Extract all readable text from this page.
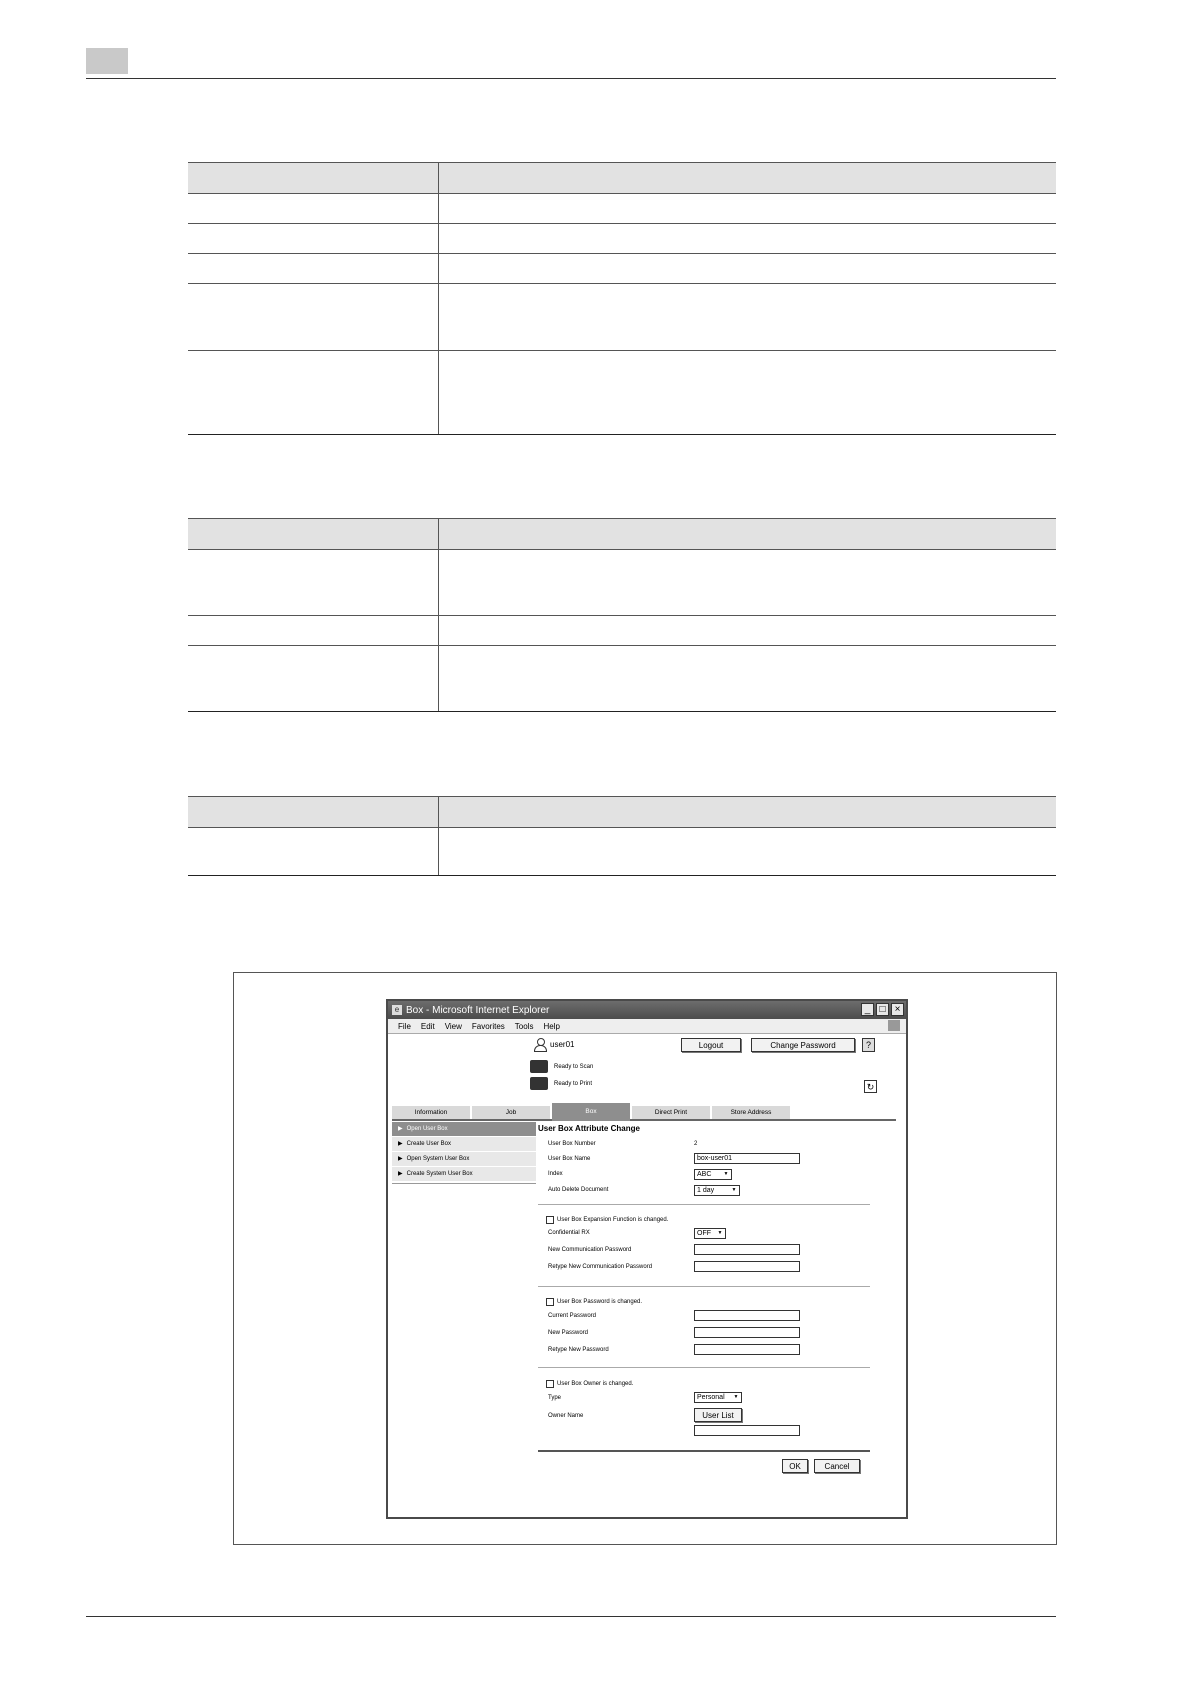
e Box - Microsoft Internet Explorer	_ □ ×
File Edit View Favorites Tools Help
user01	Logout	Change Password	?
Ready to Scan
Ready to Print	↻
Information	Job	Box	Direct Print	Store Address
▶ Open User Box
▶ Create User Box
▶ Open System User Box
▶ Create System User Box
User Box Attribute Change
User Box Number	2
User Box Name	box-user01
Index	ABC	▼
Auto Delete Document	1 day	▼
User Box Expansion Function is changed.
Confidential RX	OFF	▼
New Communication Password
Retype New Communication Password
User Box Password is changed.
Current Password
New Password
Retype New Password
User Box Owner is changed.
Type	Personal	▼
Owner Name	User List
OK	Cancel
